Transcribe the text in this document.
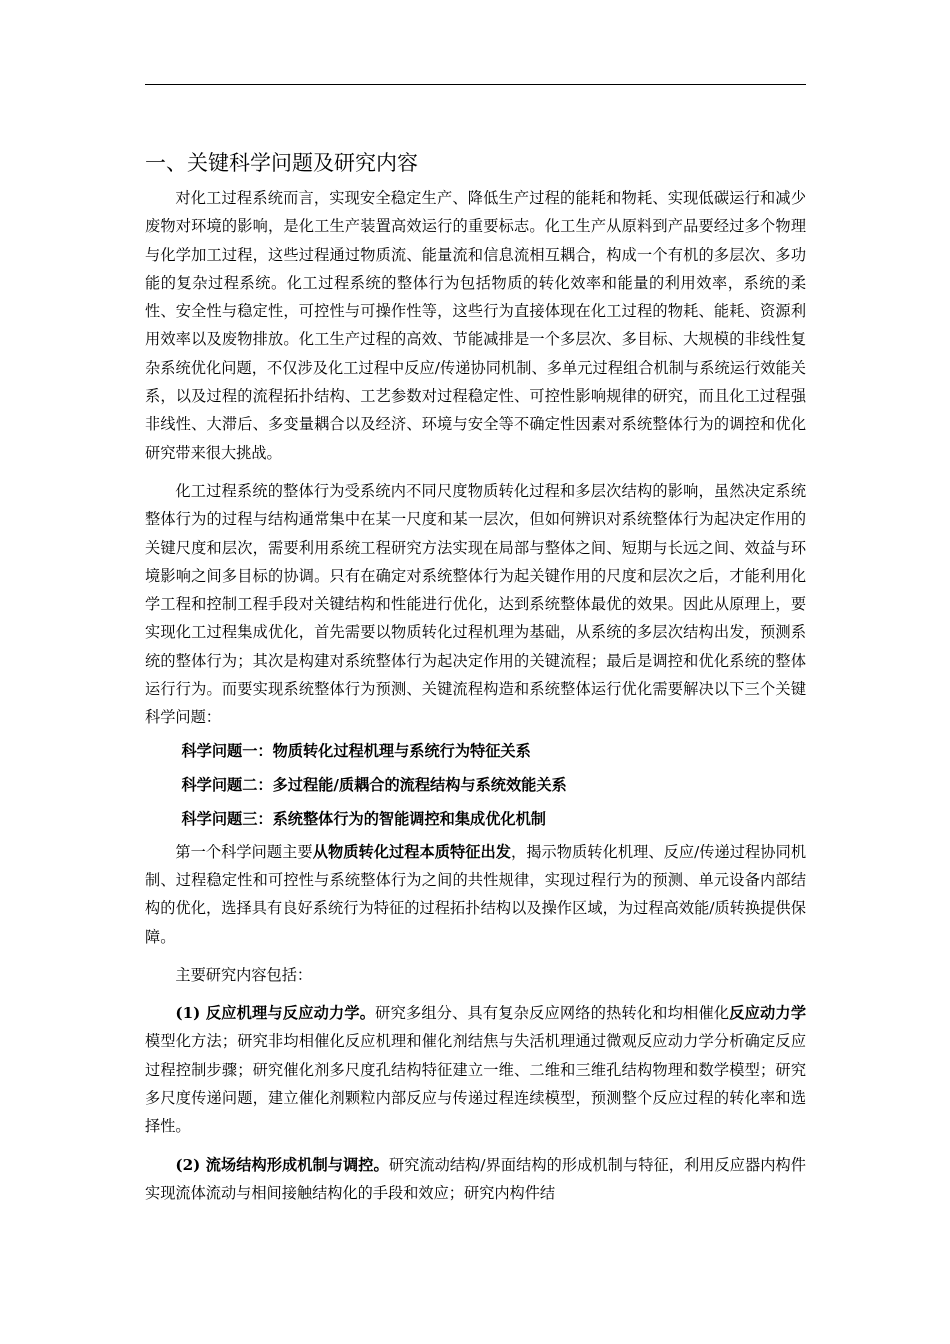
一、关键科学问题及研究内容

对化工过程系统而言，实现安全稳定生产、降低生产过程的能耗和物耗、实现低碳运行和减少废物对环境的影响，是化工生产装置高效运行的重要标志。化工生产从原料到产品要经过多个物理与化学加工过程，这些过程通过物质流、能量流和信息流相互耦合，构成一个有机的多层次、多功能的复杂过程系统。化工过程系统的整体行为包括物质的转化效率和能量的利用效率，系统的柔性、安全性与稳定性，可控性与可操作性等，这些行为直接体现在化工过程的物耗、能耗、资源利用效率以及废物排放。化工生产过程的高效、节能减排是一个多层次、多目标、大规模的非线性复杂系统优化问题，不仅涉及化工过程中反应/传递协同机制、多单元过程组合机制与系统运行效能关系，以及过程的流程拓扑结构、工艺参数对过程稳定性、可控性影响规律的研究，而且化工过程强非线性、大滞后、多变量耦合以及经济、环境与安全等不确定性因素对系统整体行为的调控和优化研究带来很大挑战。

化工过程系统的整体行为受系统内不同尺度物质转化过程和多层次结构的影响，虽然决定系统整体行为的过程与结构通常集中在某一尺度和某一层次，但如何辨识对系统整体行为起决定作用的关键尺度和层次，需要利用系统工程研究方法实现在局部与整体之间、短期与长远之间、效益与环境影响之间多目标的协调。只有在确定对系统整体行为起关键作用的尺度和层次之后，才能利用化学工程和控制工程手段对关键结构和性能进行优化，达到系统整体最优的效果。因此从原理上，要实现化工过程集成优化，首先需要以物质转化过程机理为基础，从系统的多层次结构出发，预测系统的整体行为；其次是构建对系统整体行为起决定作用的关键流程；最后是调控和优化系统的整体运行行为。而要实现系统整体行为预测、关键流程构造和系统整体运行优化需要解决以下三个关键科学问题：

科学问题一：物质转化过程机理与系统行为特征关系

科学问题二：多过程能/质耦合的流程结构与系统效能关系

科学问题三：系统整体行为的智能调控和集成优化机制

第一个科学问题主要从物质转化过程本质特征出发，揭示物质转化机理、反应/传递过程协同机制、过程稳定性和可控性与系统整体行为之间的共性规律，实现过程行为的预测、单元设备内部结构的优化，选择具有良好系统行为特征的过程拓扑结构以及操作区域，为过程高效能/质转换提供保障。

主要研究内容包括：

(1) 反应机理与反应动力学。研究多组分、具有复杂反应网络的热转化和均相催化反应动力学模型化方法；研究非均相催化反应机理和催化剂结焦与失活机理通过微观反应动力学分析确定反应过程控制步骤；研究催化剂多尺度孔结构特征建立一维、二维和三维孔结构物理和数学模型；研究多尺度传递问题，建立催化剂颗粒内部反应与传递过程连续模型，预测整个反应过程的转化率和选择性。

(2) 流场结构形成机制与调控。研究流动结构/界面结构的形成机制与特征，利用反应器内构件实现流体流动与相间接触结构化的手段和效应；研究内构件结
